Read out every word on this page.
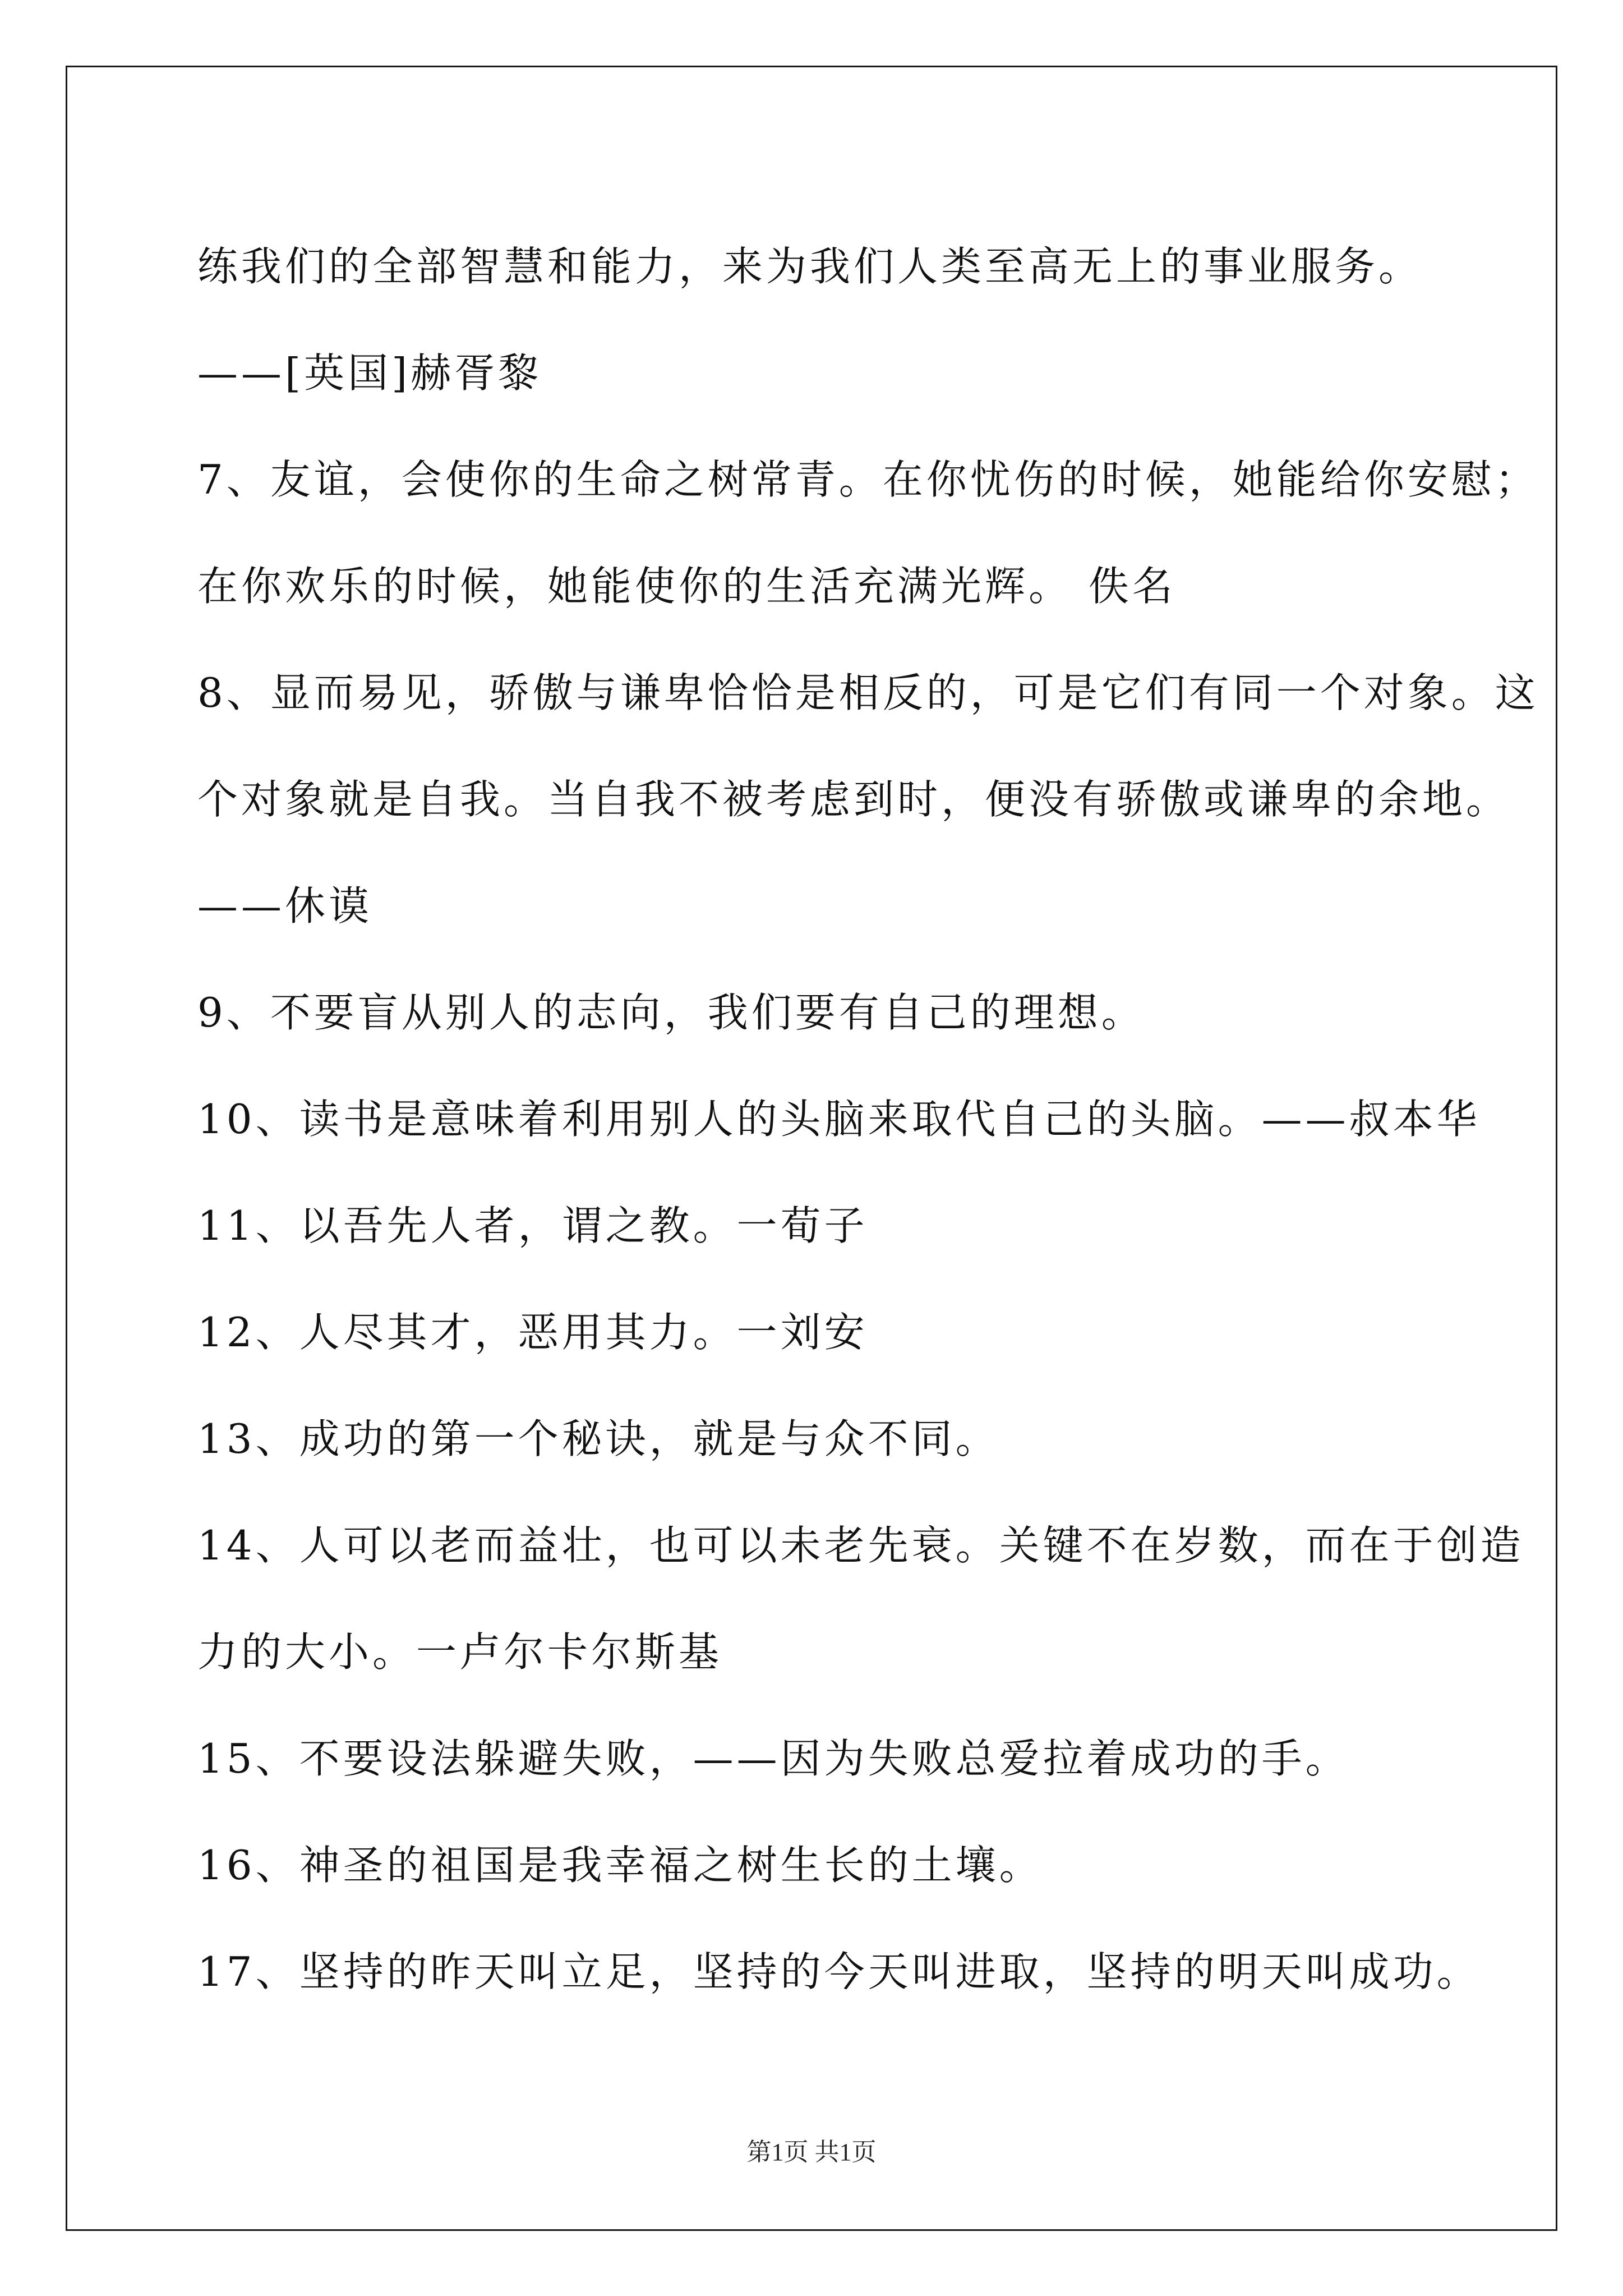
练我们的全部智慧和能力，来为我们人类至高无上的事业服务。
——[英国]赫胥黎
7、友谊，会使你的生命之树常青。在你忧伤的时候，她能给你安慰；
在你欢乐的时候，她能使你的生活充满光辉。 佚名
8、显而易见，骄傲与谦卑恰恰是相反的，可是它们有同一个对象。这
个对象就是自我。当自我不被考虑到时，便没有骄傲或谦卑的余地。
——休谟
9、不要盲从别人的志向，我们要有自己的理想。
10、读书是意味着利用别人的头脑来取代自己的头脑。——叔本华
11、以吾先人者，谓之教。一荀子
12、人尽其才，恶用其力。一刘安
13、成功的第一个秘诀，就是与众不同。
14、人可以老而益壮，也可以未老先衰。关键不在岁数，而在于创造
力的大小。一卢尔卡尔斯基
15、不要设法躲避失败，——因为失败总爱拉着成功的手。
16、神圣的祖国是我幸福之树生长的土壤。
17、坚持的昨天叫立足，坚持的今天叫进取，坚持的明天叫成功。
第1页 共1页
